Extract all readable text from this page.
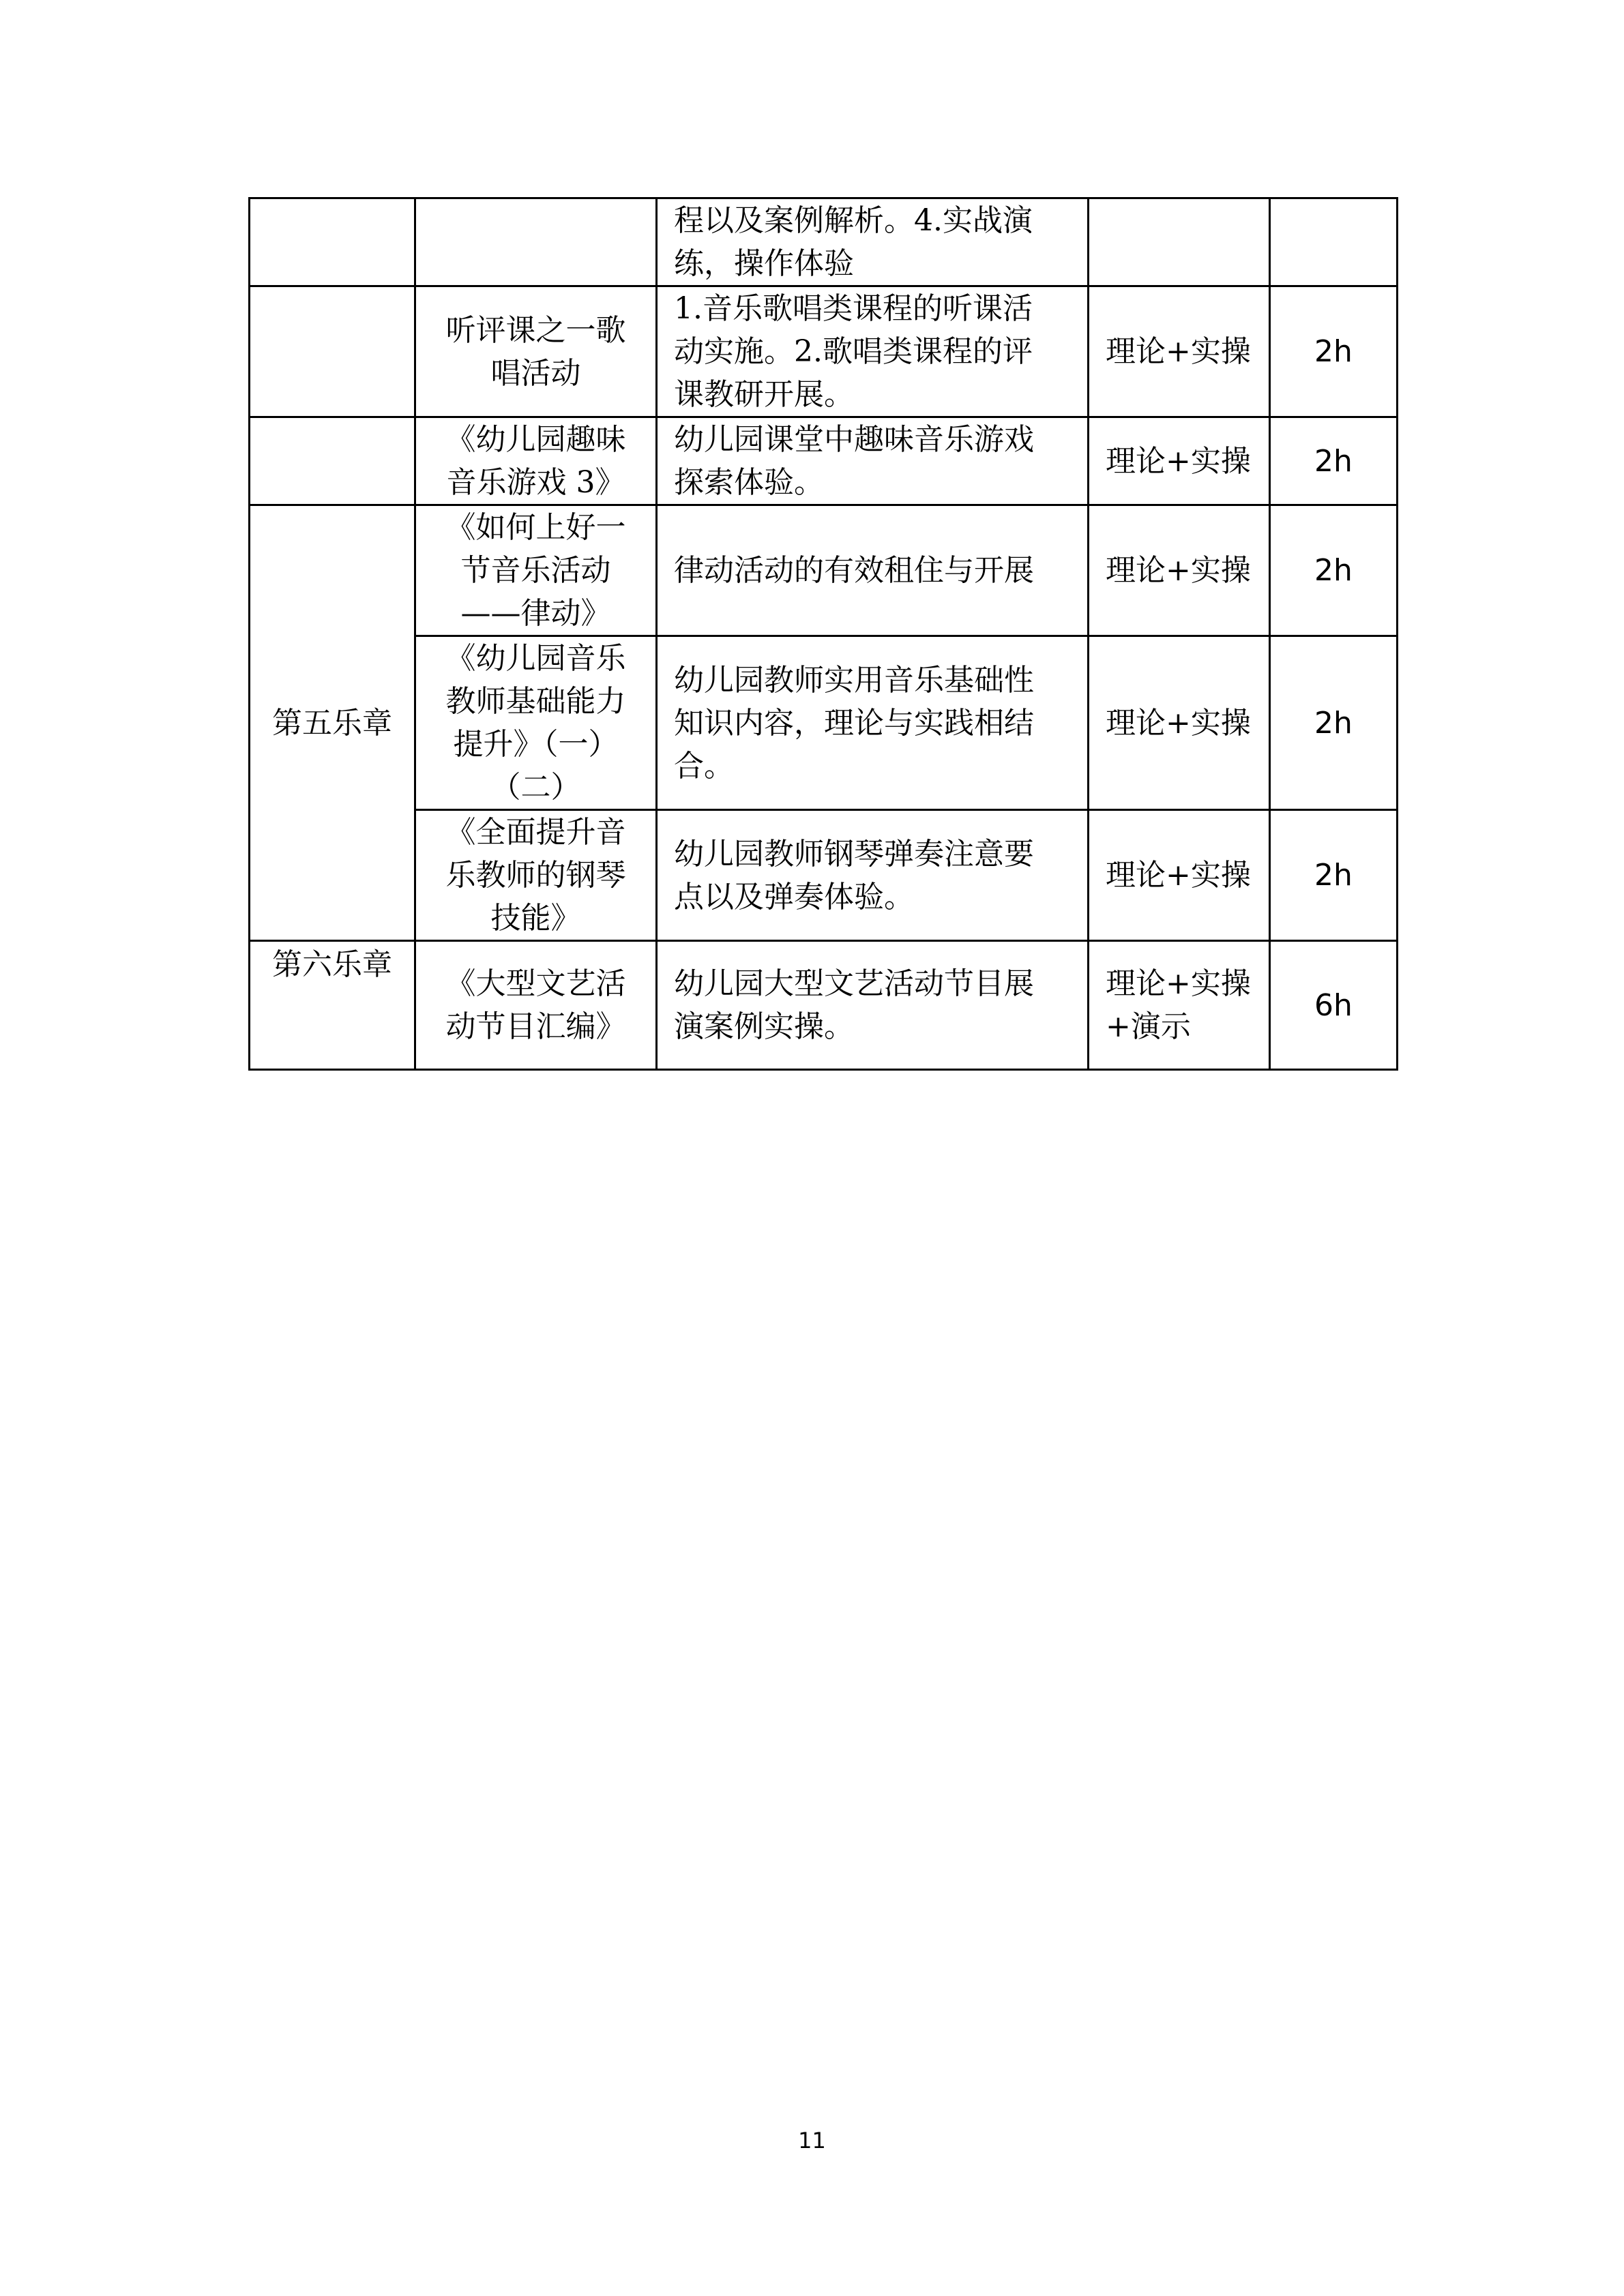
		程以及案例解析。4.实战演
练，操作体验		

	听评课之一歌
唱活动	1.音乐歌唱类课程的听课活
动实施。2.歌唱类课程的评
课教研开展。	理论+实操	2h

	《幼儿园趣味
音乐游戏 3》	幼儿园课堂中趣味音乐游戏
探索体验。	理论+实操	2h
第五乐章	《如何上好一
节音乐活动
——律动》	律动活动的有效租住与开展	理论+实操	2h

	《幼儿园音乐
教师基础能力
提升》（一）
（二）	幼儿园教师实用音乐基础性
知识内容，理论与实践相结
合。	理论+实操	2h

	《全面提升音
乐教师的钢琴
技能》	幼儿园教师钢琴弹奏注意要
点以及弹奏体验。	理论+实操	2h
第六乐章	《大型文艺活
动节目汇编》	幼儿园大型文艺活动节目展
演案例实操。	理论+实操
+演示	6h
11
